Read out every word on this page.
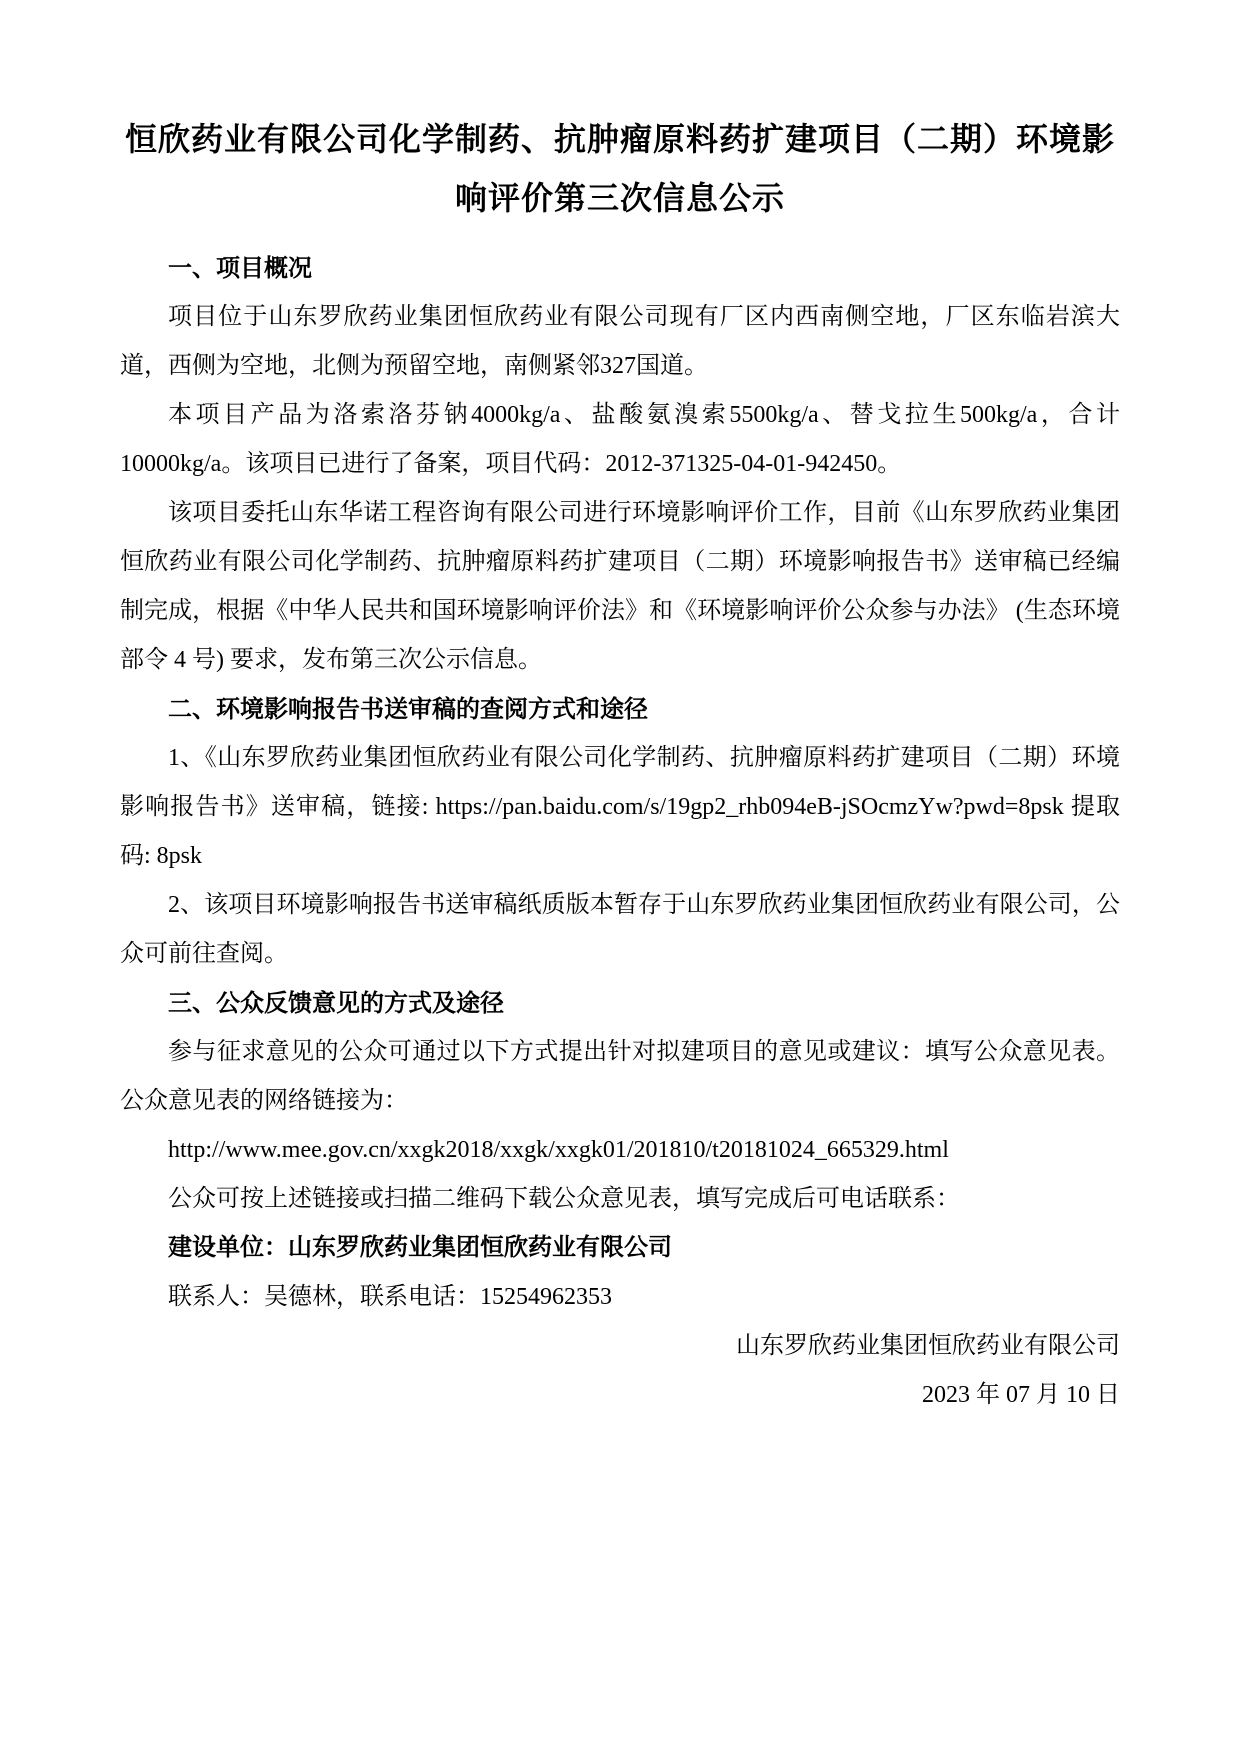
恒欣药业有限公司化学制药、抗肿瘤原料药扩建项目（二期）环境影响评价第三次信息公示

一、项目概况

项目位于山东罗欣药业集团恒欣药业有限公司现有厂区内西南侧空地，厂区东临岩滨大道，西侧为空地，北侧为预留空地，南侧紧邻327国道。

本项目产品为洛索洛芬钠4000kg/a、盐酸氨溴索5500kg/a、替戈拉生500kg/a，合计10000kg/a。该项目已进行了备案，项目代码：2012-371325-04-01-942450。

该项目委托山东华诺工程咨询有限公司进行环境影响评价工作，目前《山东罗欣药业集团恒欣药业有限公司化学制药、抗肿瘤原料药扩建项目（二期）环境影响报告书》送审稿已经编制完成，根据《中华人民共和国环境影响评价法》和《环境影响评价公众参与办法》 (生态环境部令 4 号) 要求，发布第三次公示信息。

二、环境影响报告书送审稿的查阅方式和途径

1、《山东罗欣药业集团恒欣药业有限公司化学制药、抗肿瘤原料药扩建项目（二期）环境影响报告书》送审稿，链接: https://pan.baidu.com/s/19gp2_rhb094eB-jSOcmzYw?pwd=8psk 提取码: 8psk

2、该项目环境影响报告书送审稿纸质版本暂存于山东罗欣药业集团恒欣药业有限公司，公众可前往查阅。

三、公众反馈意见的方式及途径

参与征求意见的公众可通过以下方式提出针对拟建项目的意见或建议：填写公众意见表。公众意见表的网络链接为：

http://www.mee.gov.cn/xxgk2018/xxgk/xxgk01/201810/t20181024_665329.html

公众可按上述链接或扫描二维码下载公众意见表，填写完成后可电话联系：

建设单位：山东罗欣药业集团恒欣药业有限公司

联系人：吴德林，联系电话：15254962353

山东罗欣药业集团恒欣药业有限公司

2023 年 07 月 10 日
